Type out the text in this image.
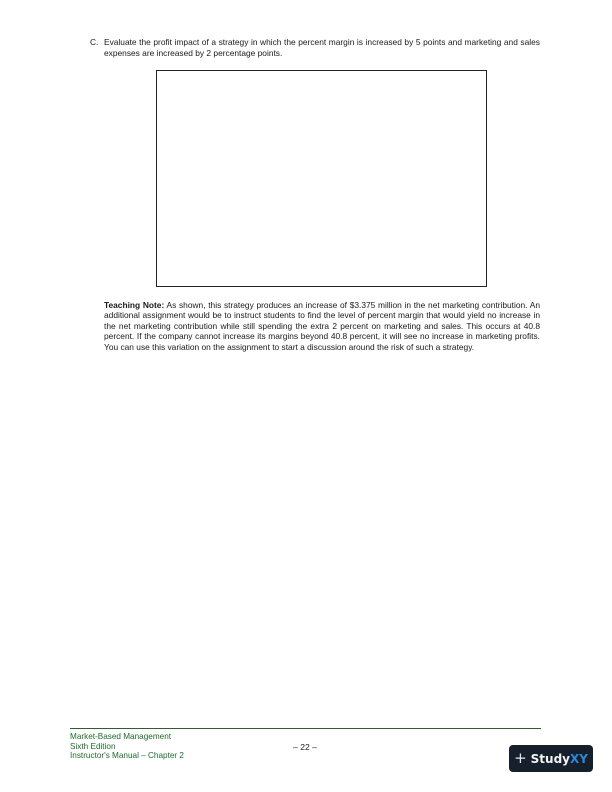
C. Evaluate the profit impact of a strategy in which the percent margin is increased by 5 points and marketing and sales expenses are increased by 2 percentage points.
Teaching Note: As shown, this strategy produces an increase of $3.375 million in the net marketing contribution. An additional assignment would be to instruct students to find the level of percent margin that would yield no increase in the net marketing contribution while still spending the extra 2 percent on marketing and sales. This occurs at 40.8 percent. If the company cannot increase its margins beyond 40.8 percent, it will see no increase in marketing profits. You can use this variation on the assignment to start a discussion around the risk of such a strategy.
Market-Based Management
Sixth Edition
Instructor's Manual – Chapter 2
– 22 –
+ StudyXY
